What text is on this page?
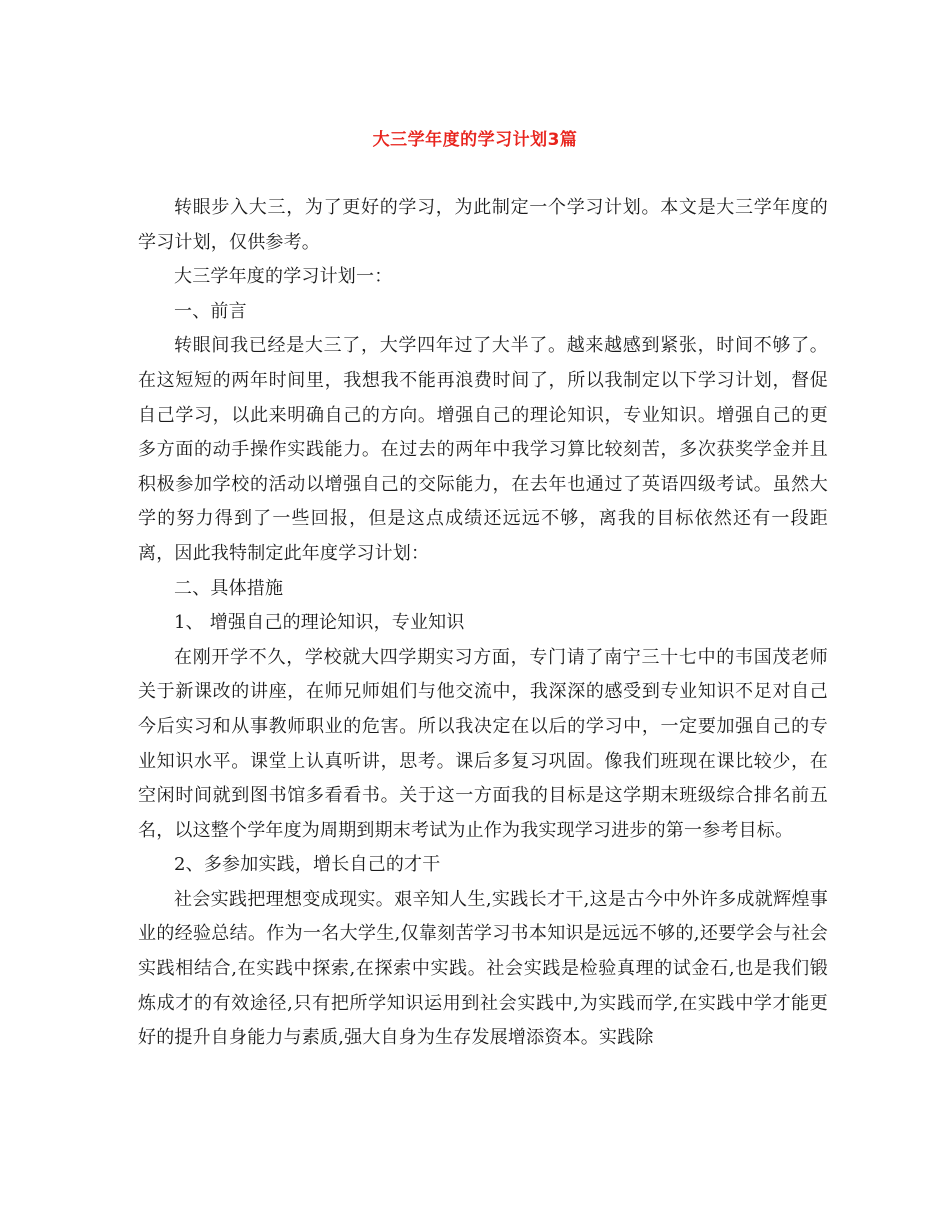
大三学年度的学习计划3篇

转眼步入大三，为了更好的学习，为此制定一个学习计划。本文是大三学年度的学习计划，仅供参考。

大三学年度的学习计划一：

一、前言

转眼间我已经是大三了，大学四年过了大半了。越来越感到紧张，时间不够了。在这短短的两年时间里，我想我不能再浪费时间了，所以我制定以下学习计划，督促自己学习，以此来明确自己的方向。增强自己的理论知识，专业知识。增强自己的更多方面的动手操作实践能力。在过去的两年中我学习算比较刻苦，多次获奖学金并且积极参加学校的活动以增强自己的交际能力，在去年也通过了英语四级考试。虽然大学的努力得到了一些回报，但是这点成绩还远远不够，离我的目标依然还有一段距离，因此我特制定此年度学习计划：

二、具体措施

1、 增强自己的理论知识，专业知识

在刚开学不久，学校就大四学期实习方面，专门请了南宁三十七中的韦国茂老师关于新课改的讲座，在师兄师姐们与他交流中，我深深的感受到专业知识不足对自己今后实习和从事教师职业的危害。所以我决定在以后的学习中，一定要加强自己的专业知识水平。课堂上认真听讲，思考。课后多复习巩固。像我们班现在课比较少，在空闲时间就到图书馆多看看书。关于这一方面我的目标是这学期末班级综合排名前五名，以这整个学年度为周期到期末考试为止作为我实现学习进步的第一参考目标。

2、多参加实践，增长自己的才干

社会实践把理想变成现实。艰辛知人生,实践长才干,这是古今中外许多成就辉煌事业的经验总结。作为一名大学生,仅靠刻苦学习书本知识是远远不够的,还要学会与社会实践相结合,在实践中探索,在探索中实践。社会实践是检验真理的试金石,也是我们锻炼成才的有效途径,只有把所学知识运用到社会实践中,为实践而学,在实践中学才能更好的提升自身能力与素质,强大自身为生存发展增添资本。实践除
